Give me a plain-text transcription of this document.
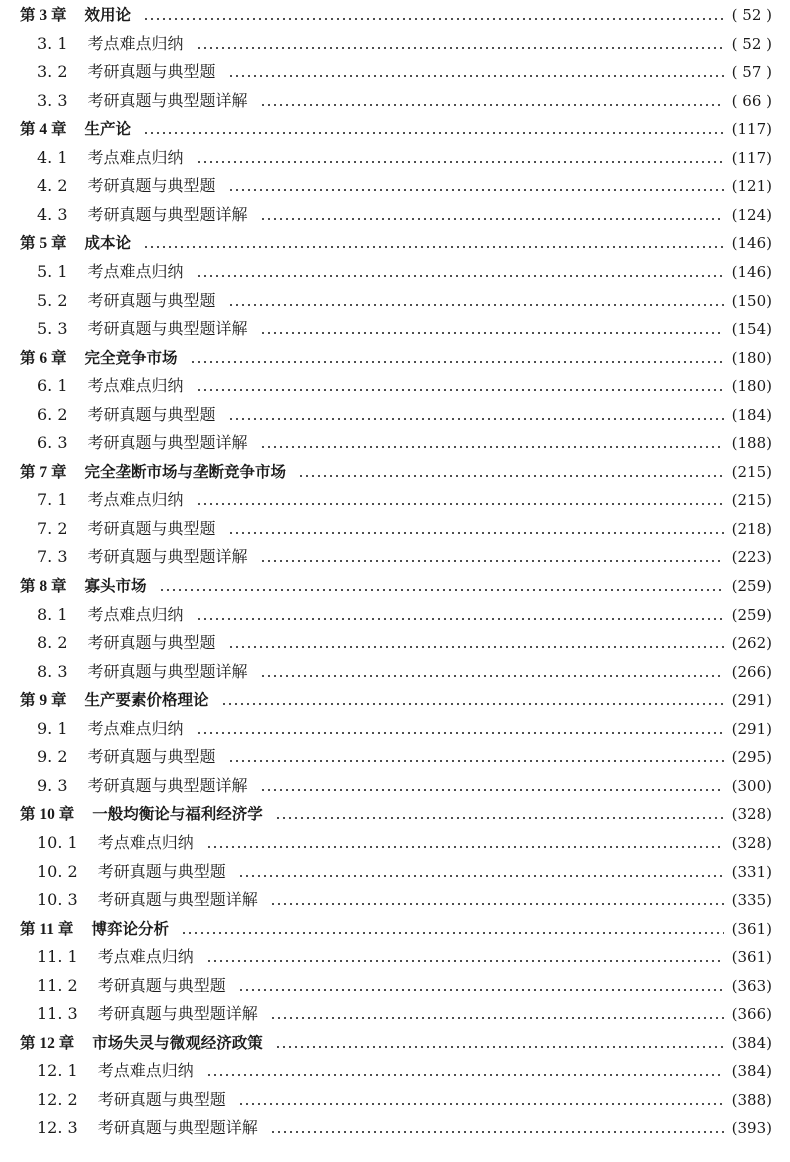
第 3 章 效用论	( 52 )
3. 1 考点难点归纳	( 52 )
3. 2 考研真题与典型题	( 57 )
3. 3 考研真题与典型题详解	( 66 )
第 4 章 生产论	(117)
4. 1 考点难点归纳	(117)
4. 2 考研真题与典型题	(121)
4. 3 考研真题与典型题详解	(124)
第 5 章 成本论	(146)
5. 1 考点难点归纳	(146)
5. 2 考研真题与典型题	(150)
5. 3 考研真题与典型题详解	(154)
第 6 章 完全竞争市场	(180)
6. 1 考点难点归纳	(180)
6. 2 考研真题与典型题	(184)
6. 3 考研真题与典型题详解	(188)
第 7 章 完全垄断市场与垄断竞争市场	(215)
7. 1 考点难点归纳	(215)
7. 2 考研真题与典型题	(218)
7. 3 考研真题与典型题详解	(223)
第 8 章 寡头市场	(259)
8. 1 考点难点归纳	(259)
8. 2 考研真题与典型题	(262)
8. 3 考研真题与典型题详解	(266)
第 9 章 生产要素价格理论	(291)
9. 1 考点难点归纳	(291)
9. 2 考研真题与典型题	(295)
9. 3 考研真题与典型题详解	(300)
第 10 章 一般均衡论与福利经济学	(328)
10. 1 考点难点归纳	(328)
10. 2 考研真题与典型题	(331)
10. 3 考研真题与典型题详解	(335)
第 11 章 博弈论分析	(361)
11. 1 考点难点归纳	(361)
11. 2 考研真题与典型题	(363)
11. 3 考研真题与典型题详解	(366)
第 12 章 市场失灵与微观经济政策	(384)
12. 1 考点难点归纳	(384)
12. 2 考研真题与典型题	(388)
12. 3 考研真题与典型题详解	(393)
